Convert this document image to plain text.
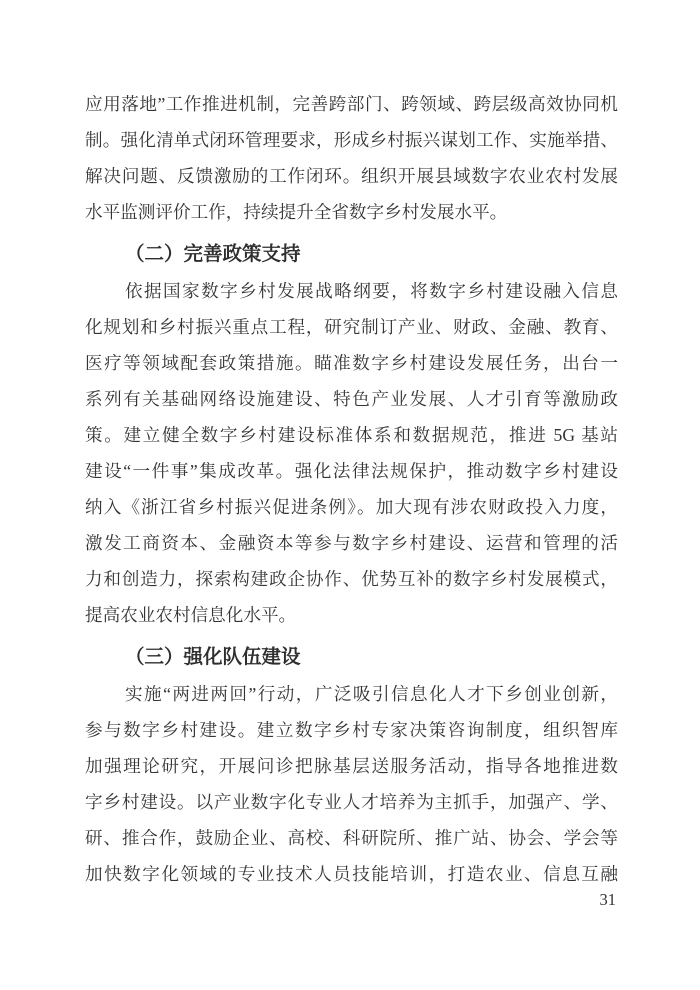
应用落地”工作推进机制，完善跨部门、跨领域、跨层级高效协同机
制。强化清单式闭环管理要求，形成乡村振兴谋划工作、实施举措、
解决问题、反馈激励的工作闭环。组织开展县域数字农业农村发展
水平监测评价工作，持续提升全省数字乡村发展水平。
（二）完善政策支持
依据国家数字乡村发展战略纲要，将数字乡村建设融入信息
化规划和乡村振兴重点工程，研究制订产业、财政、金融、教育、
医疗等领域配套政策措施。瞄准数字乡村建设发展任务，出台一
系列有关基础网络设施建设、特色产业发展、人才引育等激励政
策。建立健全数字乡村建设标准体系和数据规范，推进 5G 基站
建设“一件事”集成改革。强化法律法规保护，推动数字乡村建设
纳入《浙江省乡村振兴促进条例》。加大现有涉农财政投入力度，
激发工商资本、金融资本等参与数字乡村建设、运营和管理的活
力和创造力，探索构建政企协作、优势互补的数字乡村发展模式，
提高农业农村信息化水平。
（三）强化队伍建设
实施“两进两回”行动，广泛吸引信息化人才下乡创业创新，
参与数字乡村建设。建立数字乡村专家决策咨询制度，组织智库
加强理论研究，开展问诊把脉基层送服务活动，指导各地推进数
字乡村建设。以产业数字化专业人才培养为主抓手，加强产、学、
研、推合作，鼓励企业、高校、科研院所、推广站、协会、学会等
加快数字化领域的专业技术人员技能培训，打造农业、信息互融
31
